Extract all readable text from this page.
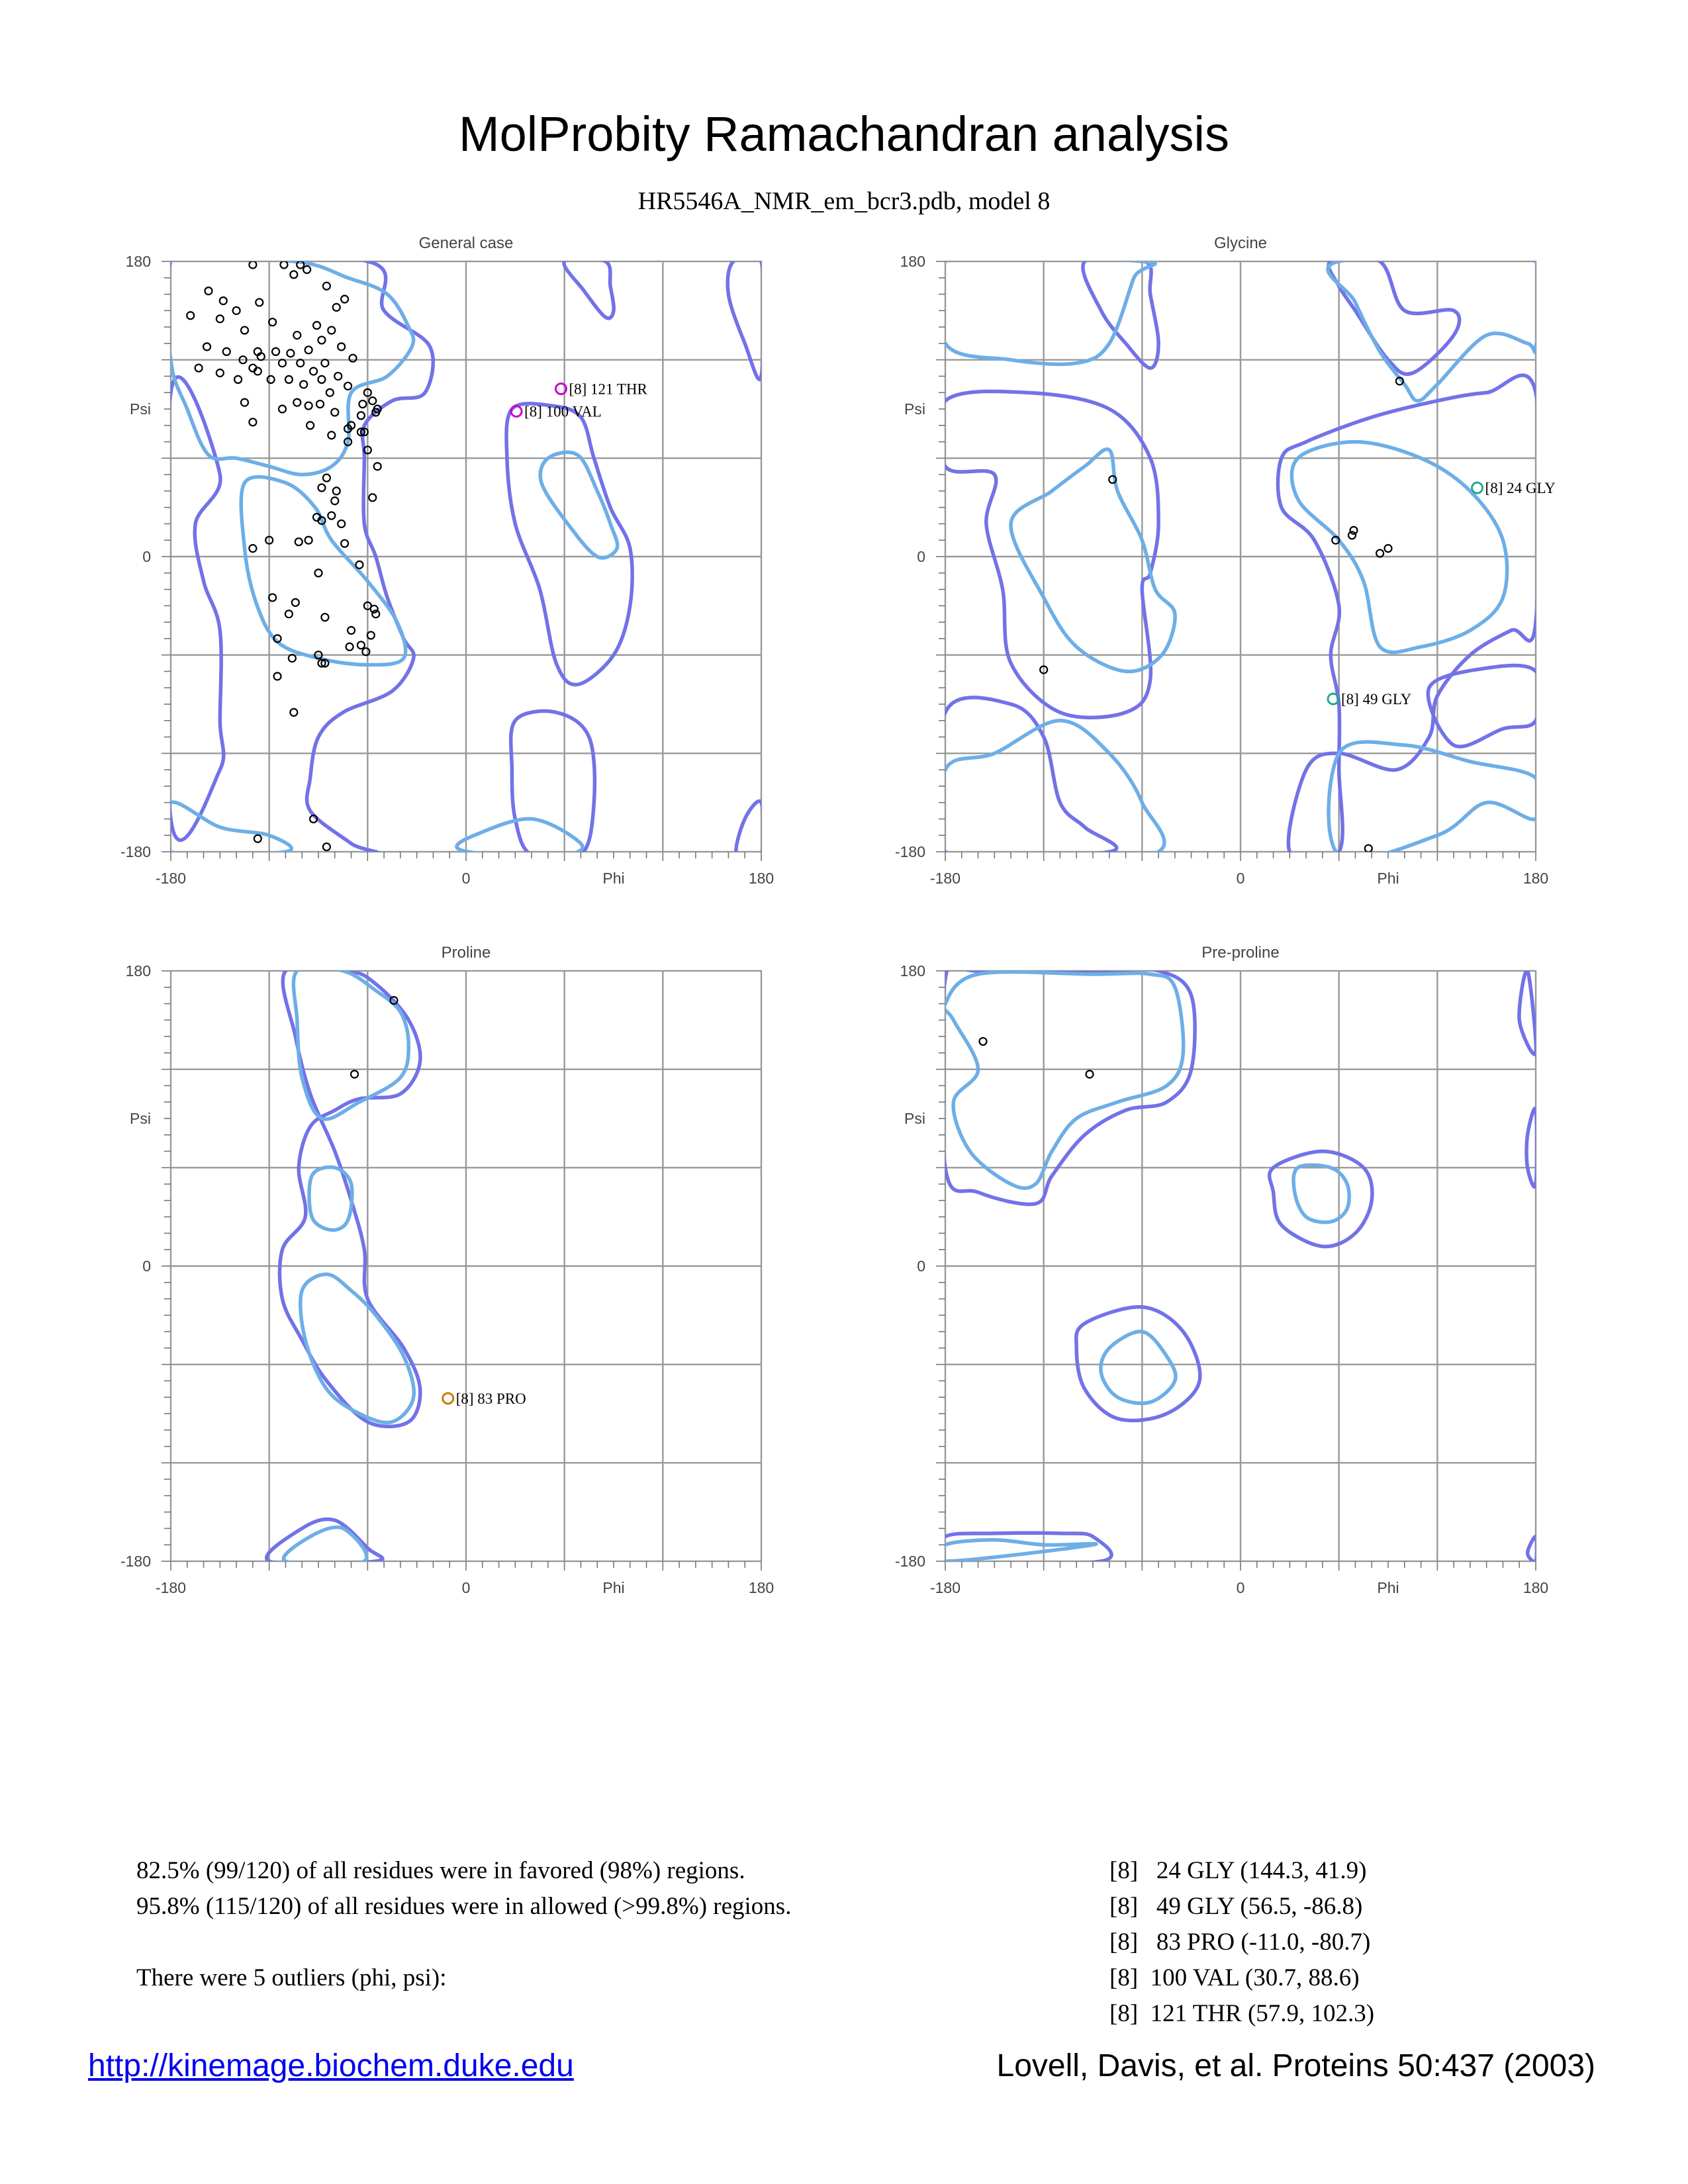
MolProbity Ramachandran analysis
HR5546A_NMR_em_bcr3.pdb, model 8
General case
-180	0	Phi	180
180
Psi
0
-180
[8] 121 THR
[8] 100 VAL
Glycine
-180	0	Phi	180
180
Psi
0
-180
[8] 24 GLY
[8] 49 GLY
Proline
-180	0	Phi	180
180
Psi
0
-180
[8] 83 PRO
Pre-proline
-180	0	Phi	180
180
Psi
0
-180
82.5% (99/120) of all residues were in favored (98%) regions.
95.8% (115/120) of all residues were in allowed (>99.8%) regions.
There were 5 outliers (phi, psi):
[8]   24 GLY (144.3, 41.9)
[8]   49 GLY (56.5, -86.8)
[8]   83 PRO (-11.0, -80.7)
[8]  100 VAL (30.7, 88.6)
[8]  121 THR (57.9, 102.3)
http://kinemage.biochem.duke.edu	Lovell, Davis, et al. Proteins 50:437 (2003)
